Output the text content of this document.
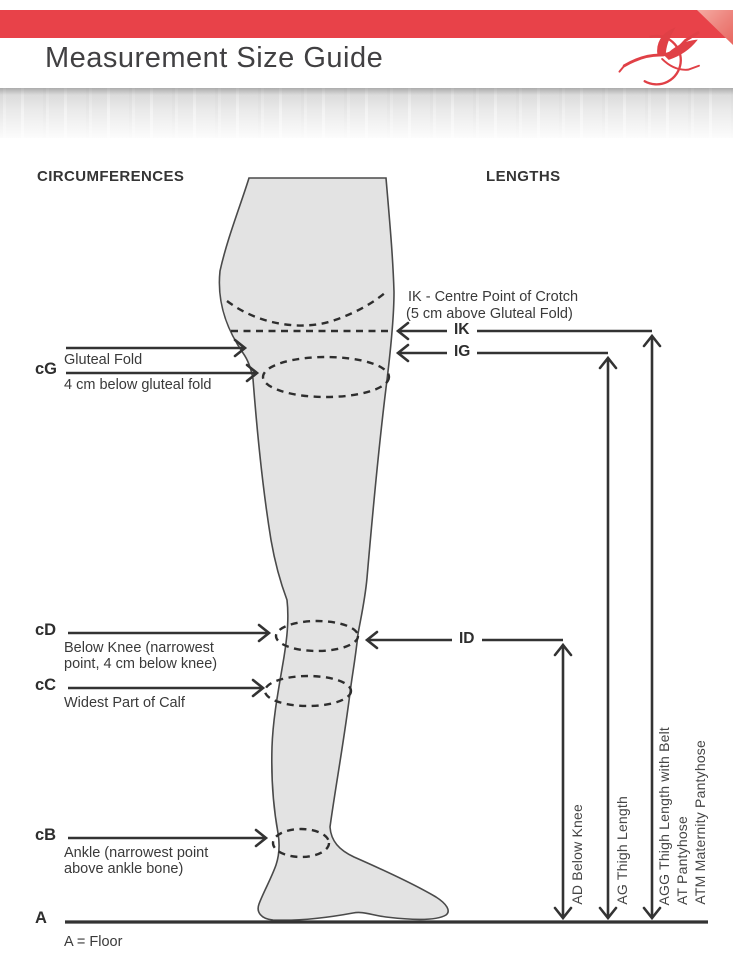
Measurement Size Guide
CIRCUMFERENCES	LENGTHS
IK - Centre Point of Crotch
(5 cm above Gluteal Fold)
IK
IG
ID
Gluteal Fold
cG
4 cm below gluteal fold
cD
Below Knee (narrowest
point, 4 cm below knee)
cC
Widest Part of Calf
cB
Ankle (narrowest point
above ankle bone)
A
A = Floor
AD Below Knee AG Thigh Length AGG Thigh Length with Belt AT Pantyhose ATM Maternity Pantyhose
